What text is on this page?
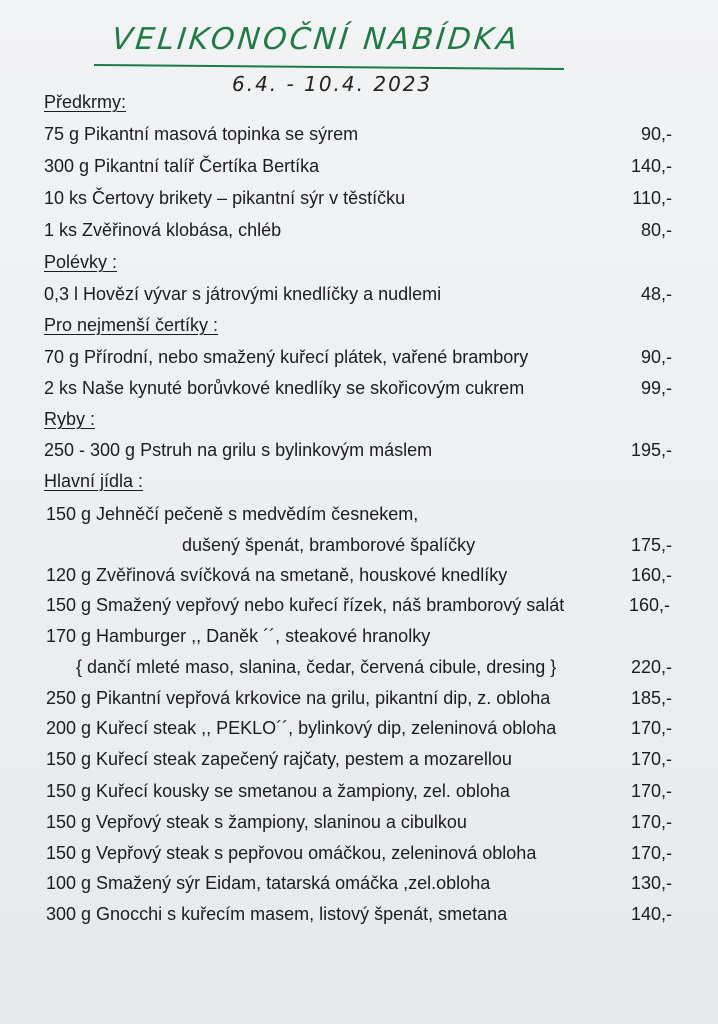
VELIKONOČNÍ NABÍDKA
6.4. - 10.4. 2023
Předkrmy:
75 g Pikantní masová topinka se sýrem	90,-
300 g Pikantní talíř Čertíka Bertíka	140,-
10 ks Čertovy brikety – pikantní sýr v těstíčku	110,-
1 ks Zvěřinová klobása, chléb	80,-
Polévky :
0,3 l Hovězí vývar s játrovými knedlíčky a nudlemi	48,-
Pro nejmenší čertíky :
70 g Přírodní, nebo smažený kuřecí plátek, vařené brambory	90,-
2 ks Naše kynuté borůvkové knedlíky se skořicovým cukrem	99,-
Ryby :
250 - 300 g Pstruh na grilu s bylinkovým máslem	195,-
Hlavní jídla :
150 g Jehněčí pečeně s medvědím česnekem,
dušený špenát, bramborové špalíčky	175,-
120 g Zvěřinová svíčková na smetaně, houskové knedlíky	160,-
150 g Smažený vepřový nebo kuřecí řízek, náš bramborový salát	160,-
170 g Hamburger ,, Daněk ´´, steakové hranolky
{ dančí mleté maso, slanina, čedar, červená cibule, dresing }	220,-
250 g Pikantní vepřová krkovice na grilu, pikantní dip, z. obloha	185,-
200 g Kuřecí steak ,, PEKLO´´, bylinkový dip, zeleninová obloha	170,-
150 g Kuřecí steak zapečený rajčaty, pestem a mozarellou	170,-
150 g Kuřecí kousky se smetanou a žampiony, zel. obloha	170,-
150 g Vepřový steak s žampiony, slaninou a cibulkou	170,-
150 g Vepřový steak s pepřovou omáčkou, zeleninová obloha	170,-
100 g Smažený sýr Eidam, tatarská omáčka ,zel.obloha	130,-
300 g Gnocchi s kuřecím masem, listový špenát, smetana	140,-
